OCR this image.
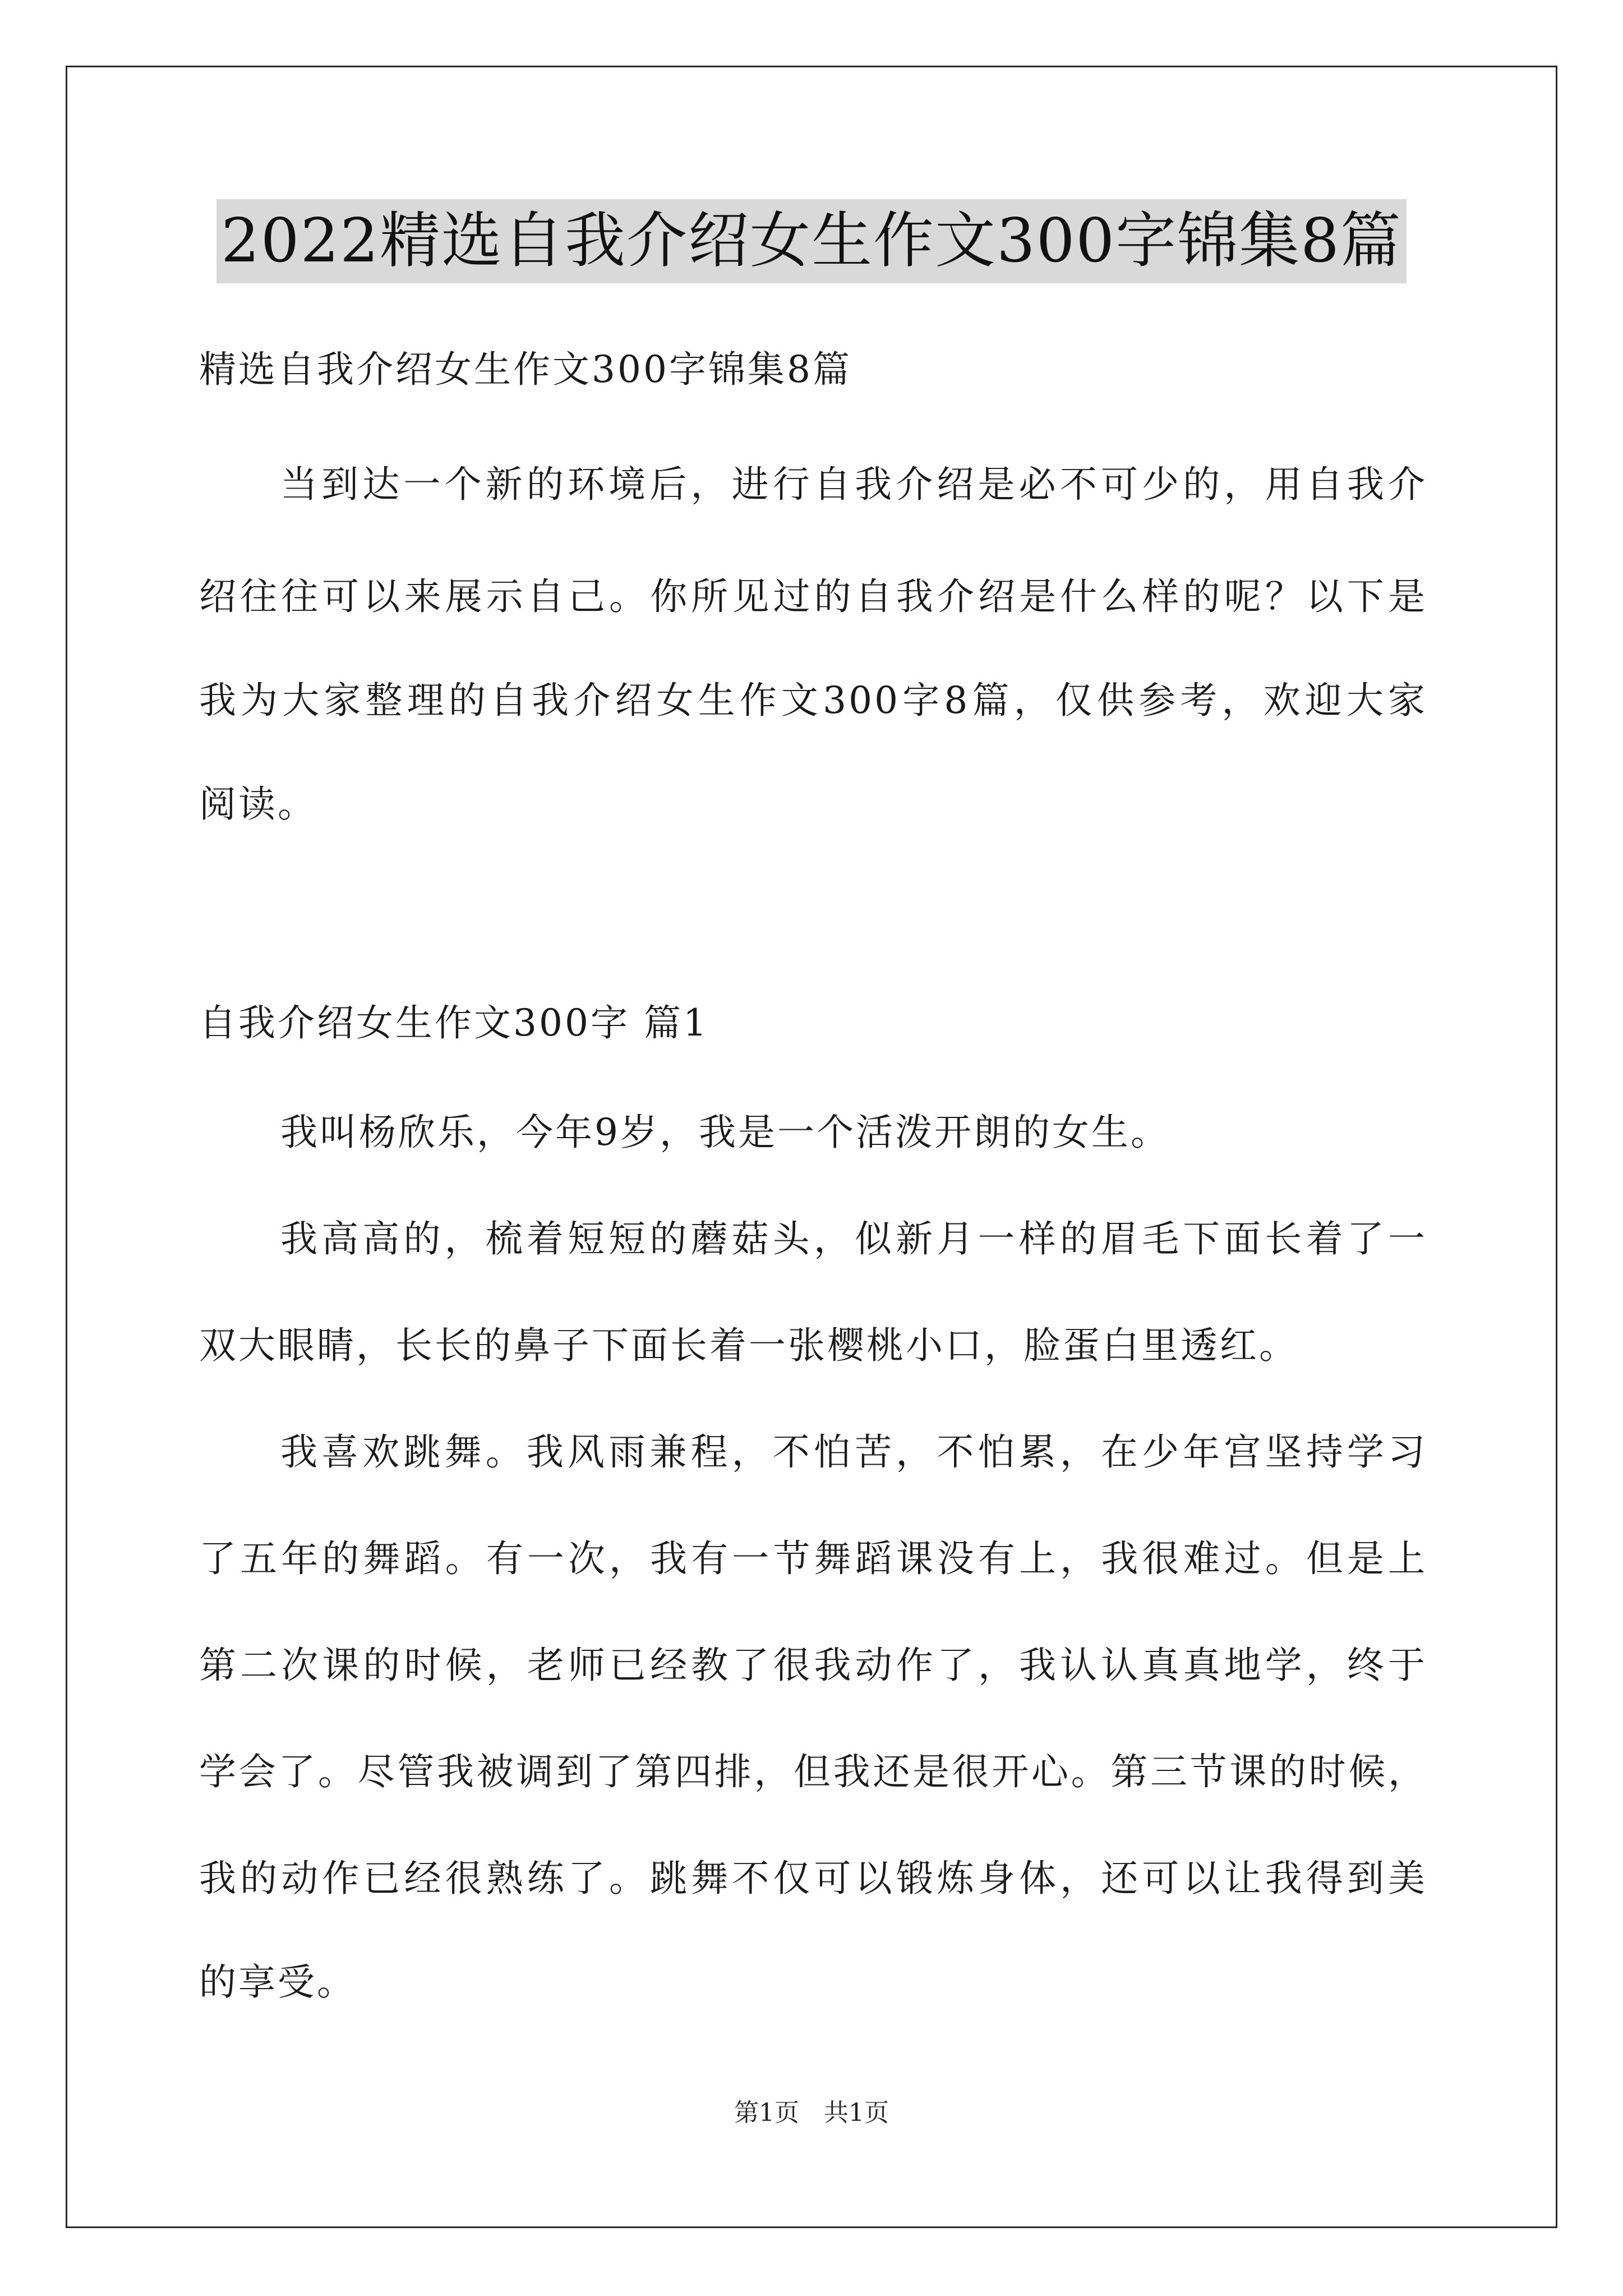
2022精选自我介绍女生作文300字锦集8篇
精选自我介绍女生作文300字锦集8篇
当到达一个新的环境后，进行自我介绍是必不可少的，用自我介
绍往往可以来展示自己。你所见过的自我介绍是什么样的呢？以下是
我为大家整理的自我介绍女生作文300字8篇，仅供参考，欢迎大家
阅读。
自我介绍女生作文300字 篇1
我叫杨欣乐，今年9岁，我是一个活泼开朗的女生。
我高高的，梳着短短的蘑菇头，似新月一样的眉毛下面长着了一
双大眼睛，长长的鼻子下面长着一张樱桃小口，脸蛋白里透红。
我喜欢跳舞。我风雨兼程，不怕苦，不怕累，在少年宫坚持学习
了五年的舞蹈。有一次，我有一节舞蹈课没有上，我很难过。但是上
第二次课的时候，老师已经教了很我动作了，我认认真真地学，终于
学会了。尽管我被调到了第四排，但我还是很开心。第三节课的时候，
我的动作已经很熟练了。跳舞不仅可以锻炼身体，还可以让我得到美
的享受。
第1页　共1页
